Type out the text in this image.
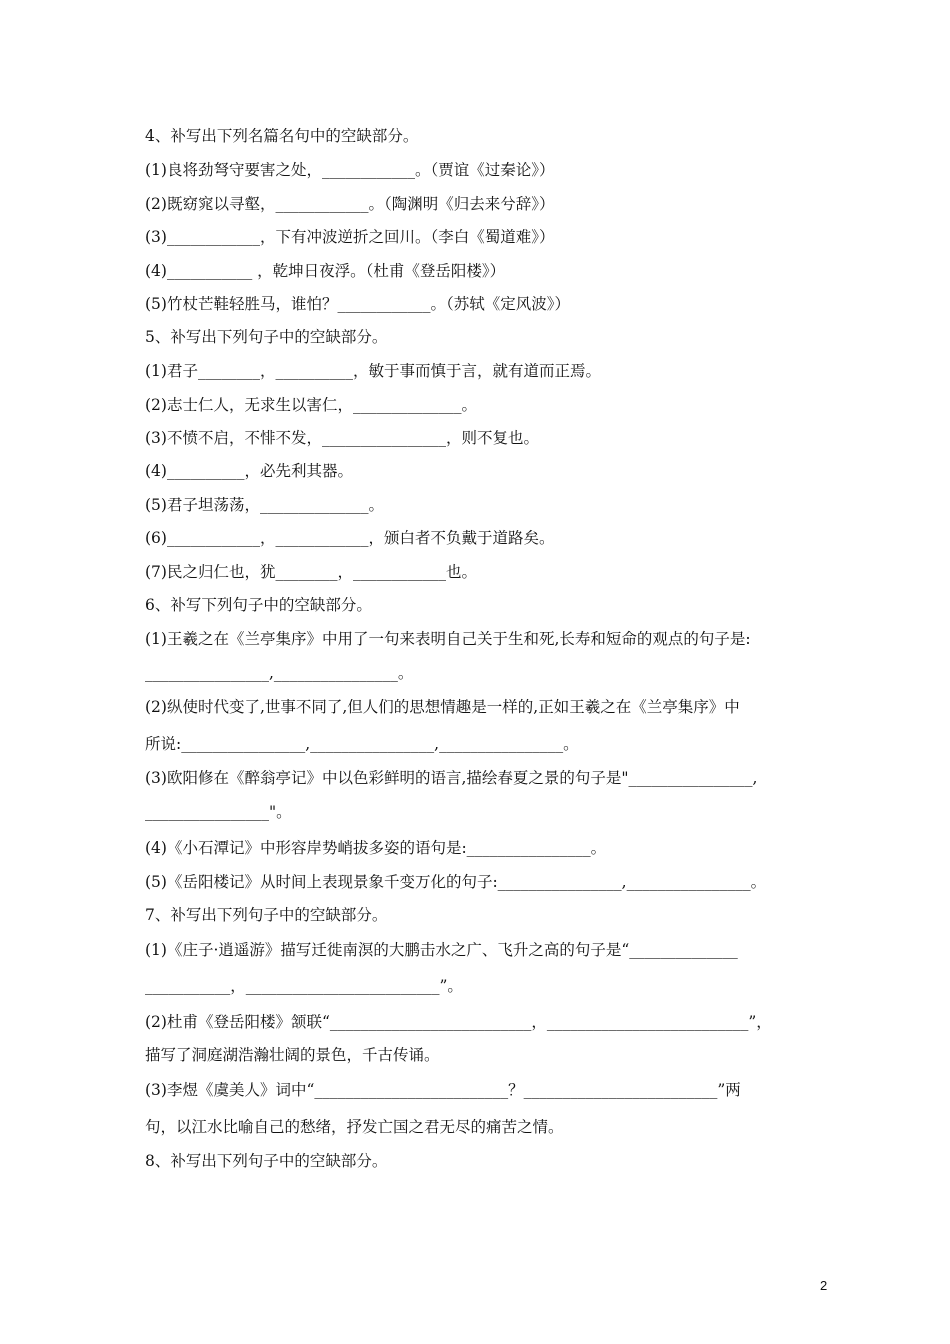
4、补写出下列名篇名句中的空缺部分。
(1)良将劲弩守要害之处，____________。（贾谊《过秦论》）
(2)既窈窕以寻壑，____________。（陶渊明《归去来兮辞》）
(3)____________，下有冲波逆折之回川。（李白《蜀道难》）
(4)___________ ，乾坤日夜浮。（杜甫《登岳阳楼》）
(5)竹杖芒鞋轻胜马，谁怕？____________。（苏轼《定风波》）
5、补写出下列句子中的空缺部分。
(1)君子________，__________，敏于事而慎于言，就有道而正焉。
(2)志士仁人，无求生以害仁，______________。
(3)不愤不启，不悱不发，________________，则不复也。
(4)__________，必先利其器。
(5)君子坦荡荡，______________。
(6)____________，____________，颁白者不负戴于道路矣。
(7)民之归仁也，犹________，____________也。
6、补写下列句子中的空缺部分。
(1)王羲之在《兰亭集序》中用了一句来表明自己关于生和死,长寿和短命的观点的句子是:
________________,________________。
(2)纵使时代变了,世事不同了,但人们的思想情趣是一样的,正如王羲之在《兰亭集序》中
所说:________________,________________,________________。
(3)欧阳修在《醉翁亭记》中以色彩鲜明的语言,描绘春夏之景的句子是"________________,
________________"。
(4)《小石潭记》中形容岸势峭拔多姿的语句是:________________。
(5)《岳阳楼记》从时间上表现景象千变万化的句子:________________,________________。
7、补写出下列句子中的空缺部分。
(1)《庄子·逍遥游》描写迁徙南溟的大鹏击水之广、飞升之高的句子是“______________
___________，_________________________”。
(2)杜甫《登岳阳楼》颔联“__________________________，__________________________”，
描写了洞庭湖浩瀚壮阔的景色，千古传诵。
(3)李煜《虞美人》词中“_________________________？_________________________”两
句，以江水比喻自己的愁绪，抒发亡国之君无尽的痛苦之情。
8、补写出下列句子中的空缺部分。
2
